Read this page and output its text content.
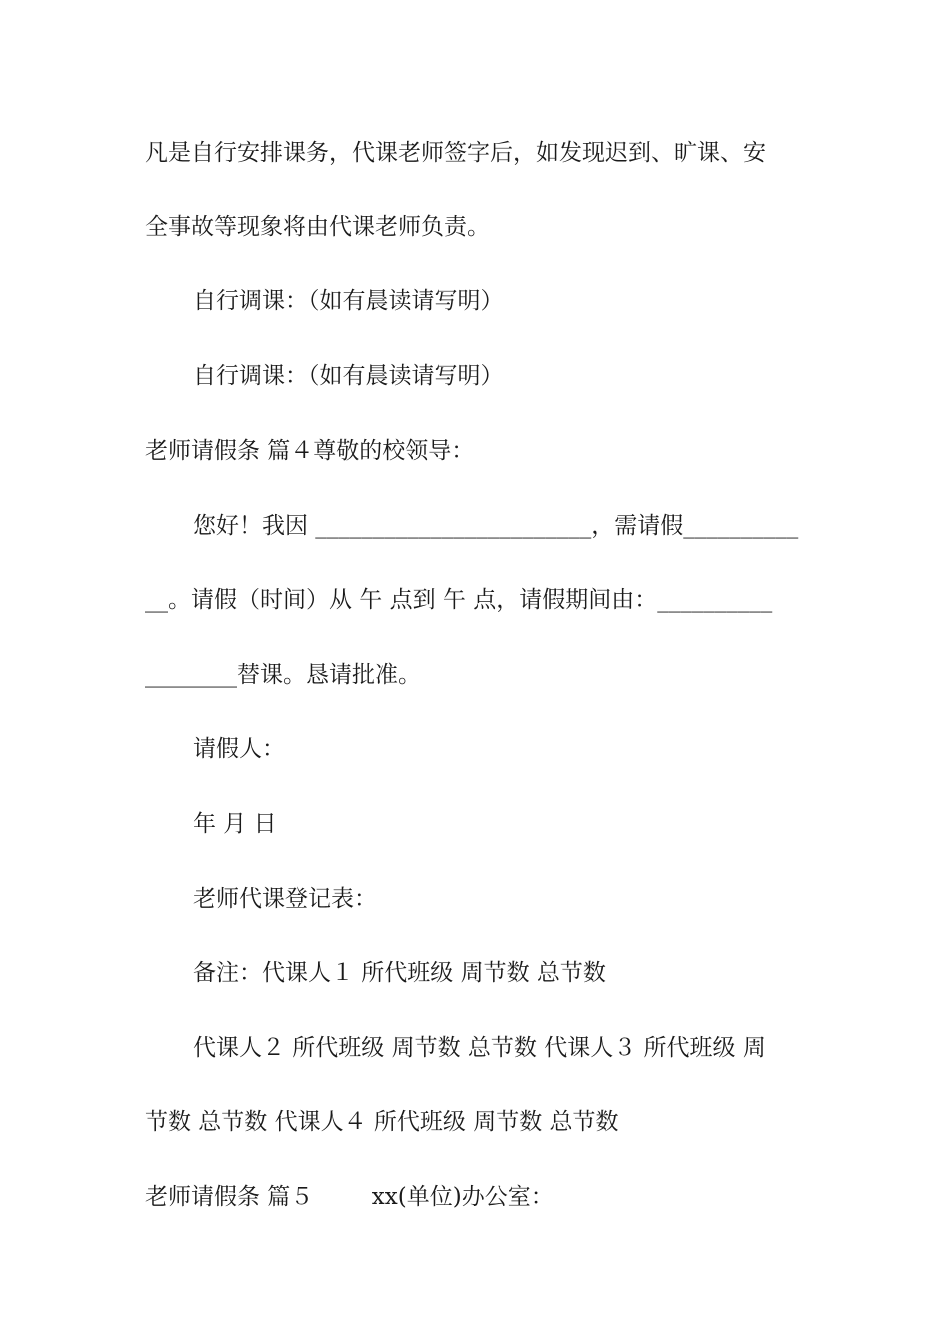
凡是自行安排课务，代课老师签字后，如发现迟到、旷课、安
全事故等现象将由代课老师负责。
自行调课：（如有晨读请写明）
自行调课：（如有晨读请写明）
老师请假条 篇４尊敬的校领导：
您好！我因 ________________________，需请假__________
__。请假（时间）从 午 点到 午 点，请假期间由：__________
________替课。恳请批准。
请假人：
年 月 日
老师代课登记表：
备注：代课人１ 所代班级 周节数 总节数
代课人２ 所代班级 周节数 总节数 代课人３ 所代班级 周
节数 总节数 代课人４ 所代班级 周节数 总节数
老师请假条 篇５        xx(单位)办公室：
